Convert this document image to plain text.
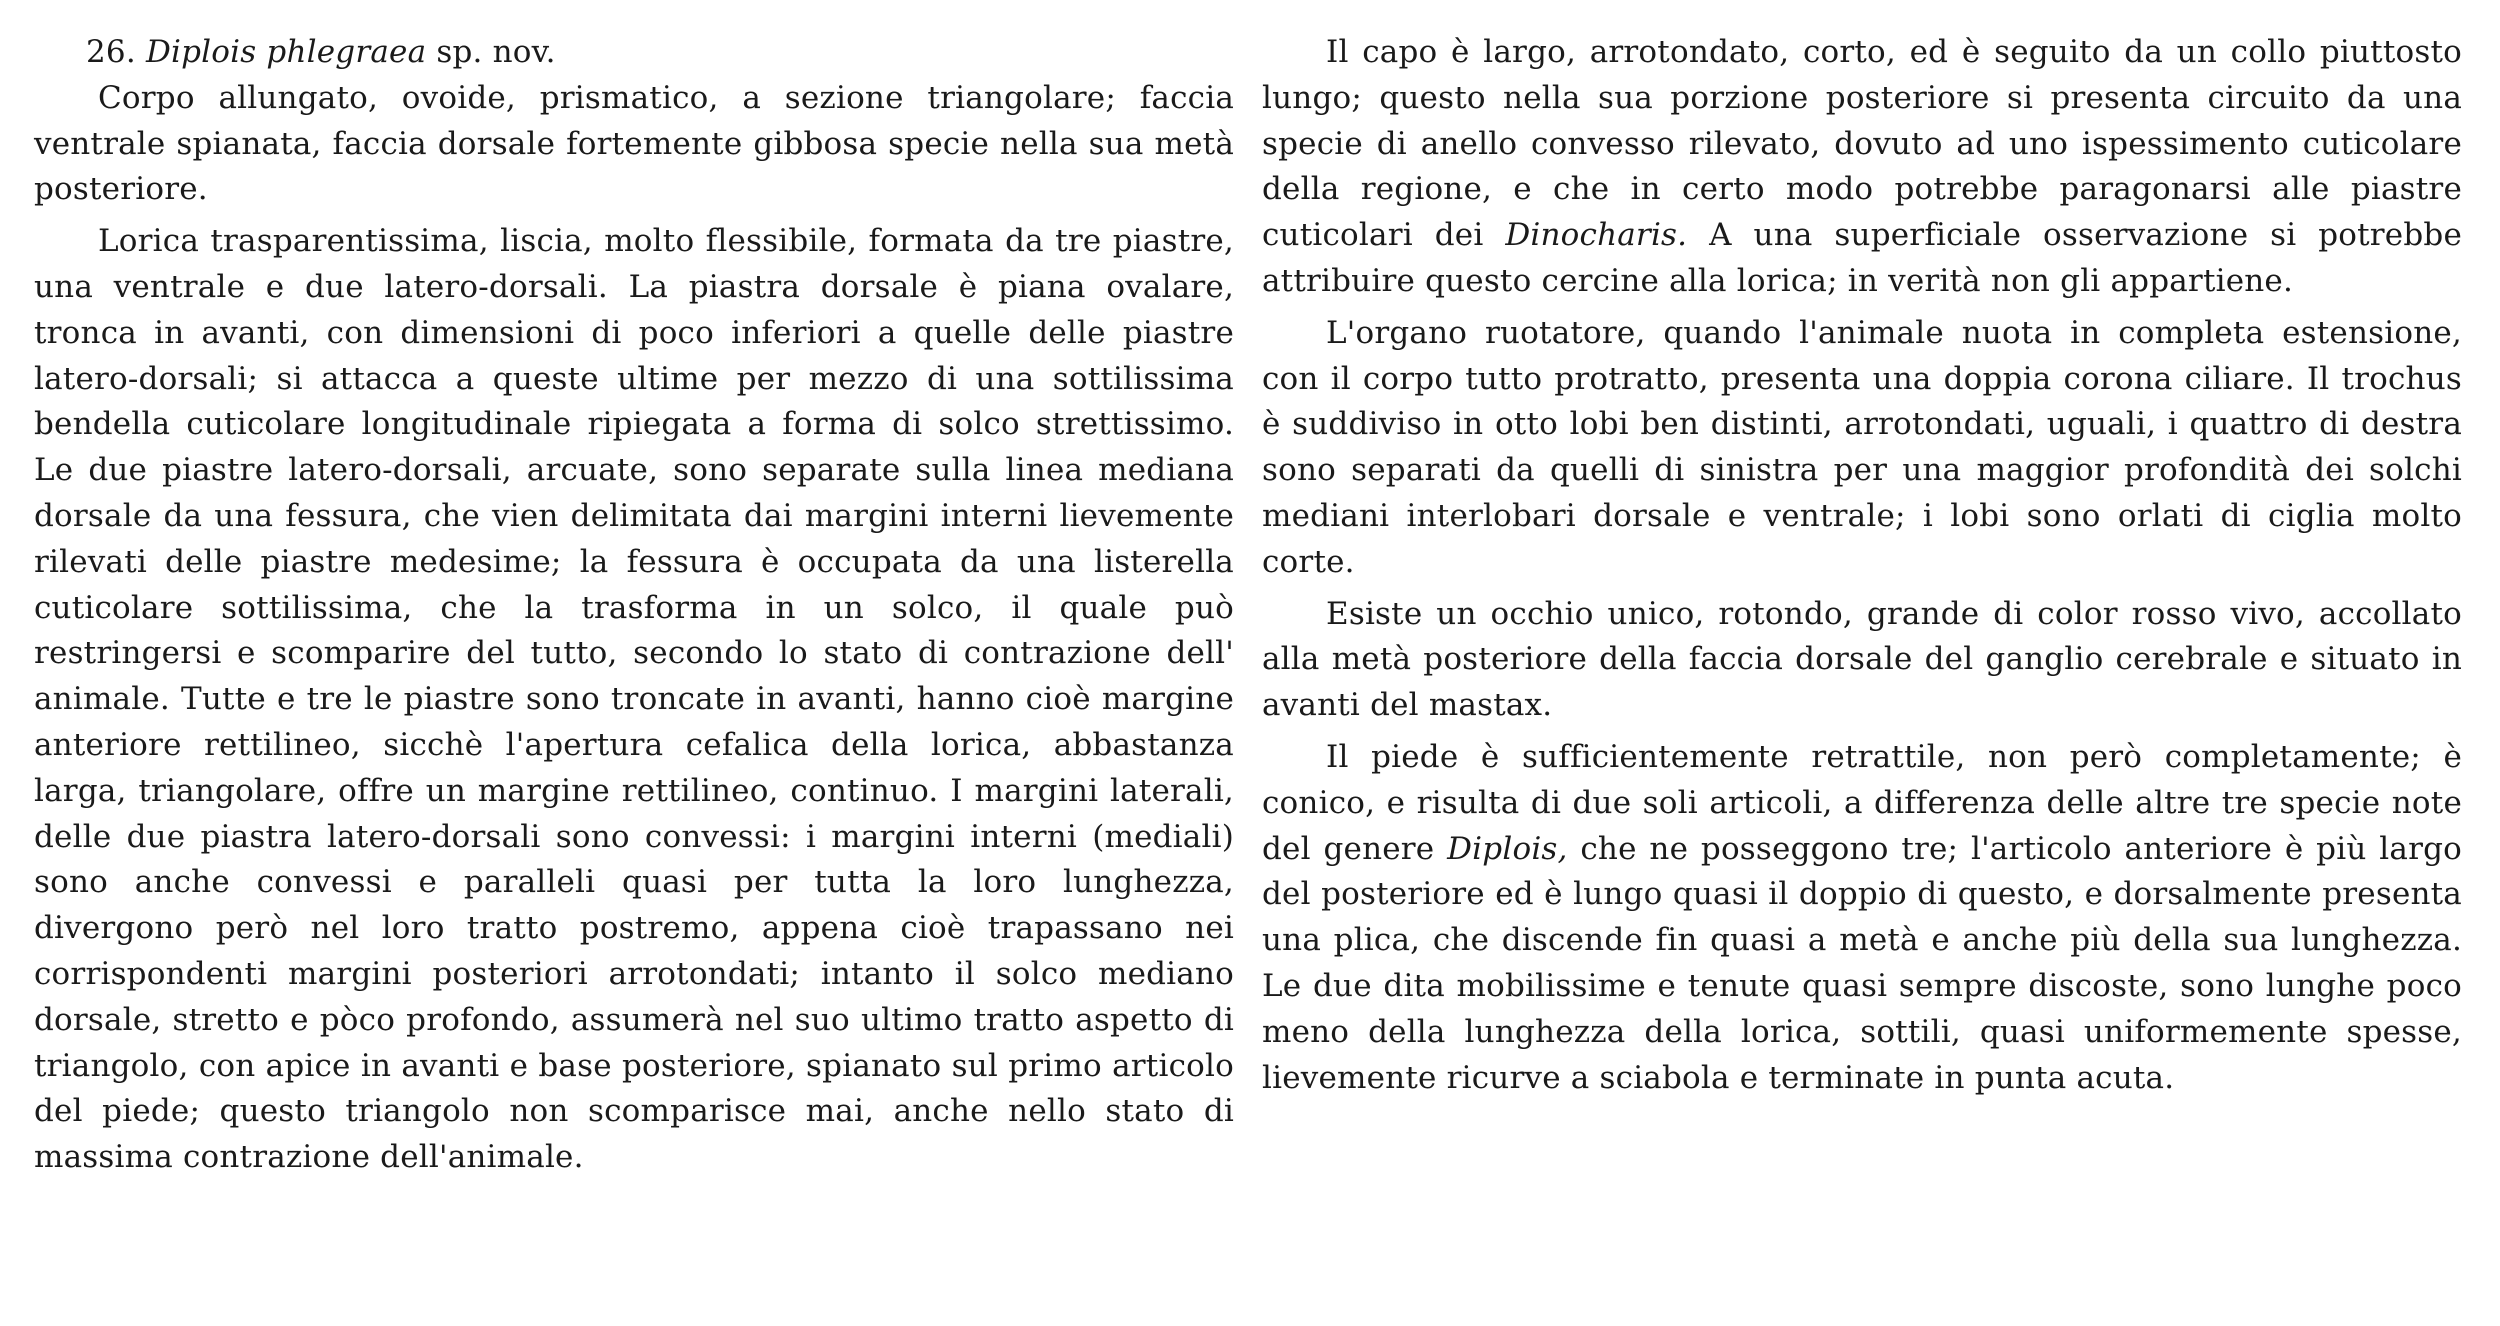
26. Diplois phlegraea sp. nov.

Corpo allungato, ovoide, prismatico, a sezione triangolare; faccia ventrale spianata, faccia dorsale fortemente gibbosa specie nella sua metà posteriore.

Lorica trasparentissima, liscia, molto flessibile, formata da tre piastre, una ventrale e due latero-dorsali. La piastra dorsale è piana ovalare, tronca in avanti, con dimensioni di poco inferiori a quelle delle piastre latero-dorsali; si attacca a queste ultime per mezzo di una sottilissima bendella cuticolare longitudinale ripiegata a forma di solco strettissimo. Le due piastre latero-dorsali, arcuate, sono separate sulla linea mediana dorsale da una fessura, che vien delimitata dai margini interni lievemente rilevati delle piastre medesime; la fessura è occupata da una listerella cuticolare sottilissima, che la trasforma in un solco, il quale può restringersi e scomparire del tutto, secondo lo stato di contrazione dell' animale. Tutte e tre le piastre sono troncate in avanti, hanno cioè margine anteriore rettilineo, sicchè l'apertura cefalica della lorica, abbastanza larga, triangolare, offre un margine rettilineo, continuo. I margini laterali, delle due piastra latero-dorsali sono convessi: i margini interni (mediali) sono anche convessi e paralleli quasi per tutta la loro lunghezza, divergono però nel loro tratto postremo, appena cioè trapassano nei corrispondenti margini posteriori arrotondati; intanto il solco mediano dorsale, stretto e pòco profondo, assumerà nel suo ultimo tratto aspetto di triangolo, con apice in avanti e base posteriore, spianato sul primo articolo del piede; questo triangolo non scomparisce mai, anche nello stato di massima contrazione dell'animale.

Il capo è largo, arrotondato, corto, ed è seguito da un collo piuttosto lungo; questo nella sua porzione posteriore si presenta circuito da una specie di anello convesso rilevato, dovuto ad uno ispessimento cuticolare della regione, e che in certo modo potrebbe paragonarsi alle piastre cuticolari dei Dinocharis. A una superficiale osservazione si potrebbe attribuire questo cercine alla lorica; in verità non gli appartiene.

L'organo ruotatore, quando l'animale nuota in completa estensione, con il corpo tutto protratto, presenta una doppia corona ciliare. Il trochus è suddiviso in otto lobi ben distinti, arrotondati, uguali, i quattro di destra sono separati da quelli di sinistra per una maggior profondità dei solchi mediani interlobari dorsale e ventrale; i lobi sono orlati di ciglia molto corte.

Esiste un occhio unico, rotondo, grande di color rosso vivo, accollato alla metà posteriore della faccia dorsale del ganglio cerebrale e situato in avanti del mastax.

Il piede è sufficientemente retrattile, non però completamente; è conico, e risulta di due soli articoli, a differenza delle altre tre specie note del genere Diplois, che ne posseggono tre; l'articolo anteriore è più largo del posteriore ed è lungo quasi il doppio di questo, e dorsalmente presenta una plica, che discende fin quasi a metà e anche più della sua lunghezza. Le due dita mobilissime e tenute quasi sempre discoste, sono lunghe poco meno della lunghezza della lorica, sottili, quasi uniformemente spesse, lievemente ricurve a sciabola e terminate in punta acuta.
